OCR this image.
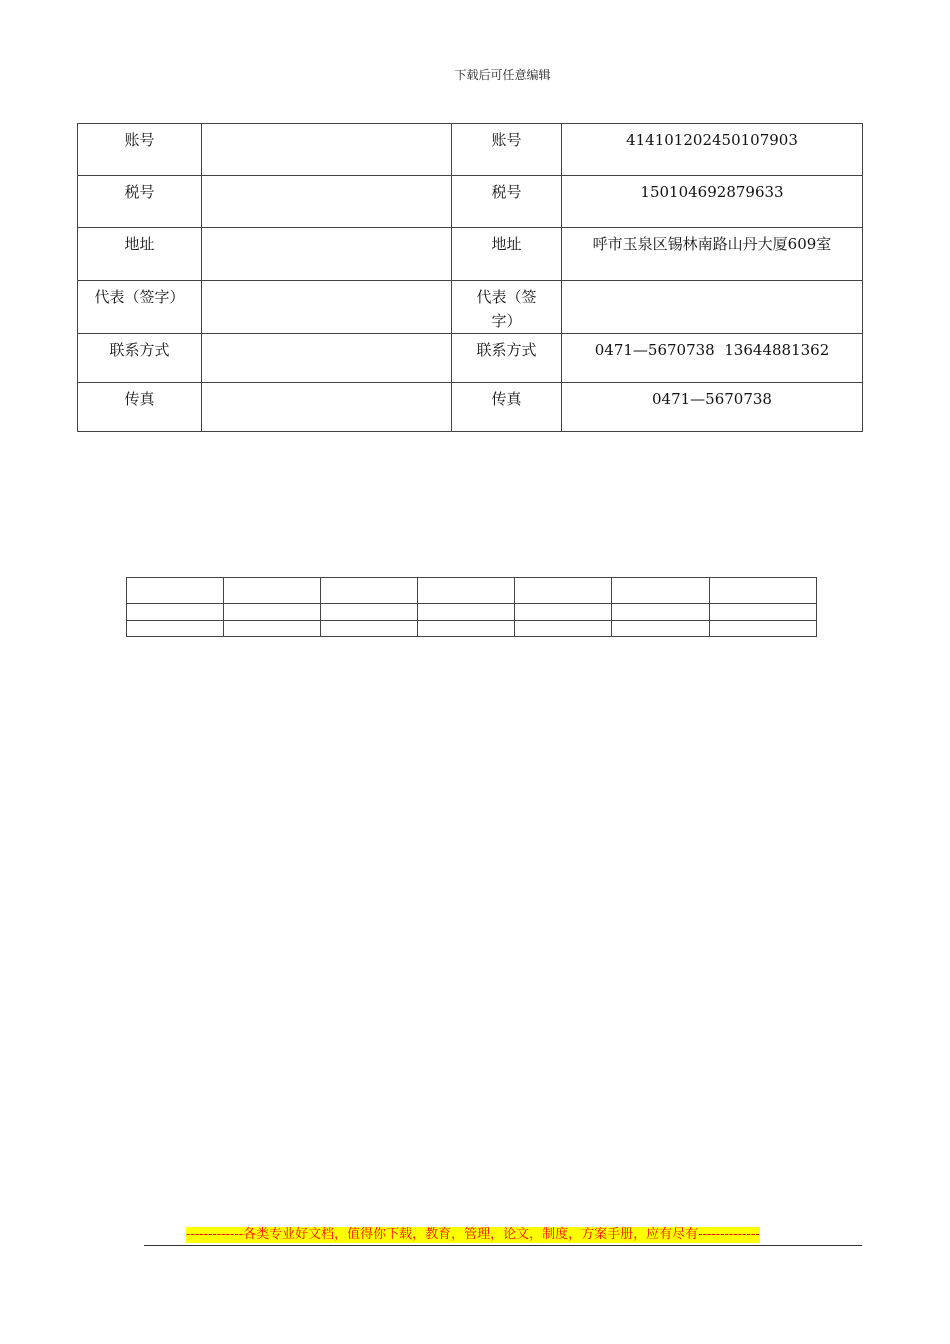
下载后可任意编辑
账号		账号	414101202450107903
税号		税号	150104692879633
地址		地址	呼市玉泉区锡林南路山丹大厦609室
代表（签字）		代表（签字）	
联系方式		联系方式	0471—5670738  13644881362
传真		传真	0471—5670738

-------------各类专业好文档，值得你下载，教育，管理，论文，制度，方案手册，应有尽有--------------
